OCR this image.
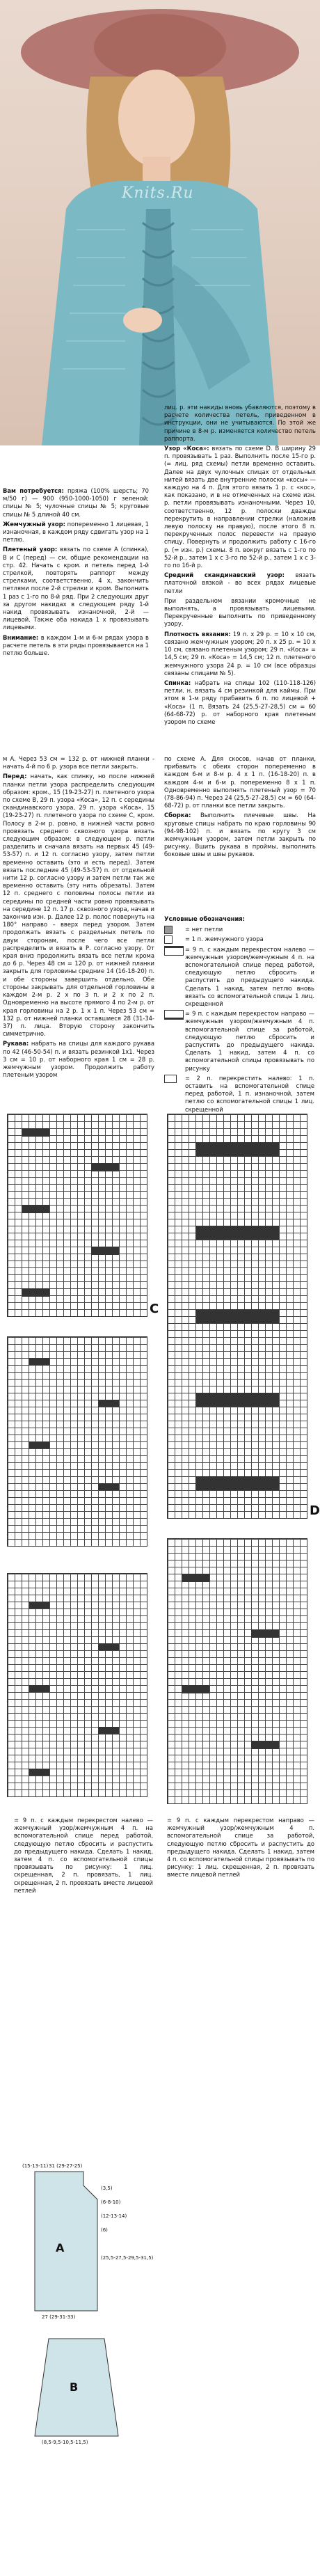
Knits.Ru

Вам потребуется: пряжа (100% шерсть; 70 м/50 г) — 900 (950-1000-1050) г зеленой; спицы № 5; чулочные спицы № 5; круговые спицы № 5 длиной 40 см.

Жемчужный узор: попеременно 1 лицевая, 1 изнаночная, в каждом ряду сдвигать узор на 1 петлю.

Плетеный узор: вязать по схеме А (спинка), В и С (перед) — см. общие рекомендации на стр. 42. Начать с кром. и петель перед 1-й стрелкой, повторять раппорт между стрелками, соответственно, 4 х, закончить петлями после 2-й стрелки и кром. Выполнить 1 раз с 1-го по 8-й ряд. При 2 следующих друг за другом накидах в следующем ряду 1-й накид провязывать изнаночной, 2-й — лицевой. Также оба накида 1 х провязывать лицевыми.

Внимание: в каждом 1-м и 6-м рядах узора в расчете петель в эти ряды провязывается на 1 петлю больше.

лиц. р. эти накиды вновь убавляются, поэтому в расчете количества петель, приведенном в инструкции, они не учитываются. По этой же причине в 8-м р. изменяется количество петель раппорта.

Узор «Коса»: вязать по схеме D. В ширину 29 п. провязывать 1 раз. Выполнить после 15-го р. (= лиц. ряд схемы) петли временно оставить. Далее на двух чулочных спицах от отдельных нитей вязать две внутренние полоски «косы» — каждую на 4 п. Для этого вязать 1 р. с «кос», как показано, и в не отмеченных на схеме изн. р. петли провязывать изнаночными. Через 10, соответственно, 12 р. полоски дважды перекрутить в направлении стрелки (наложив левую полоску на правую), после этого 8 п. перекрученных полос перевести на правую спицу. Повернуть и продолжить работу с 16-го р. (= изн. р.) схемы. 8 п. вокруг вязать с 1-го по 52-й р., затем 1 х с 3-го по 52-й р., затем 1 х с 3-го по 16-й р.

Средний скандинавский узор: вязать платочной вязкой - во всех рядах лицевые петли

При раздельном вязании кромочные не выполнять, а провязывать лицевыми. Перекрученные выполнить по приведенному узору.

Плотность вязания: 19 п. x 29 р. = 10 x 10 см, связано жемчужным узором; 20 п. x 25 р. = 10 x 10 см, связано плетеным узором; 29 п. «Коса» = 14,5 см; 29 п. «Коса» = 14,5 см; 12 п. плетеного жемчужного узора 24 р. = 10 см (все образцы связаны спицами № 5).

Спинка: набрать на спицы 102 (110-118-126) петли. н. вязать 4 см резинкой для каймы. При этом в 1-м ряду прибавить 6 п. по лицевой + «Коса» (1 п. Вязать 24 (25,5-27-28,5) см = 60 (64-68-72) р. от наборного края плетеным узором по схеме

м А. Через 53 см = 132 р. от нижней планки - начать 4-й по 6 р. узора все петли закрыть.

Перед: начать, как спинку, но после нижней планки петли узора распределить следующим образом: кром., 15 (19-23-27) п. плетеного узора по схеме В, 29 п. узора «Коса», 12 п. с середины скандинавского узора, 29 п. узора «Коса», 15 (19-23-27) п. плетеного узора по схеме С, кром. Полосу в 2-м р. ровно, в нижней части ровно провязать среднего сквозного узора вязать следующим образом: в следующем р. петли разделить и сначала вязать на первых 45 (49-53-57) п. и 12 п. согласно узору, затем петли временно оставить (это и есть перед). Затем вязать последние 45 (49-53-57) п. от отдельной нити 12 р. согласно узору и затем петли так же временно оставить (эту нить обрезать). Затем 12 п. среднего с половины полосы петли из середины по средней части ровно провязывать на середине 12 п. 17 р. сквозного узора, начав и закончив изн. р. Далее 12 р. полос повернуть на 180° направо – вверх перед узором. Затем продолжать вязать с раздельных петель по двум сторонам, после чего все петли распределить и вязать в Р. согласно узору. От края вниз продолжить вязать все петли крома до 6 р. Через 48 см = 120 р. от нижней планки закрыть для горловины средние 14 (16-18-20) п. и обе стороны завершить отдельно. Обе стороны закрывать для отдельной горловины в каждом 2-м р. 2 х по 3 п. и 2 х по 2 п. Одновременно на высоте прямого 4 по 2-м р. от края горловины на 2 р. 1 х 1 п. Через 53 см = 132 р. от нижней планки оставшиеся 28 (31-34-37) п. лица. Вторую сторону закончить симметрично.

Рукава: набрать на спицы для каждого рукава по 42 (46-50-54) п. и вязать резинкой 1x1. Через 3 см = 10 р. от наборного края 1 см = 28 р. жемчужным узором. Продолжить работу плетеным узором

по схеме А. Для скосов, начав от планки, прибавить с обеих сторон попеременно в каждом 6-м и 8-м р. 4 x 1 п. (16-18-20) п. в каждом 4-м и 6-м р. попеременно 8 x 1 п. Одновременно выполнять плетеный узор = 70 (78-86-94) п. Через 24 (25,5-27-28,5) см = 60 (64-68-72) р. от планки все петли закрыть.

Сборка: Выполнить плечевые швы. На круговые спицы набрать по краю горловины 90 (94-98-102) п. и вязать по кругу 3 см жемчужным узором, затем петли закрыть по рисунку. Вшить рукава в проймы, выполнить боковые швы и швы рукавов.

Условные обозначения:
= нет петли
= 1 п. жемчужного узора
= 9 п. с каждым перекрестом налево — жемчужным узором/жемчужным 4 п. на вспомогательной спице перед работой, следующую петлю сбросить и распустить до предыдущего накида. Сделать 1 накид, затем петлю вновь вязать со вспомогательной спицы 1 лиц. скрещенной
= 9 п. с каждым перекрестом направо — жемчужным узором/жемчужным 4 п. вспомогательной спице за работой, следующую петлю сбросить и распустить до предыдущего накида. Сделать 1 накид, затем 4 п. со вспомогательной спицы провязывать по рисунку
= 2 п. перекрестить налево: 1 п. оставить на вспомогательной спице перед работой, 1 п. изнаночной, затем петлю со вспомогательной спицы 1 лиц. скрещенной
C
D

= 9 п. с каждым перекрестом налево — жемчужный узор/жемчужным 4 п. на вспомогательной спице перед работой, следующую петлю сбросить и распустить до предыдущего накида. Сделать 1 накид, затем 4 п. со вспомогательной спицы провязывать по рисунку: 1 лиц. скрещенная, 2 п. провязать, 1 лиц. скрещенная, 2 п. провязать вместе лицевой петлей

= 9 п. с каждым перекрестом направо — жемчужный узор/жемчужным 4 п. вспомогательной спице за работой, следующую петлю сбросить и распустить до предыдущего накида. Сделать 1 накид, затем 4 п. со вспомогательной спицы провязывать по рисунку: 1 лиц. скрещенная, 2 п. провязать вместе лицевой петлей

(15-13-11) 31 (29-27-25)
(3,5)
(6-8-10)
(12-13-14)
(6)
(25,5-27,5-29,5-31,5)
27 (29-31-33)
(8,5-9,5-10,5-11,5)
A
B
